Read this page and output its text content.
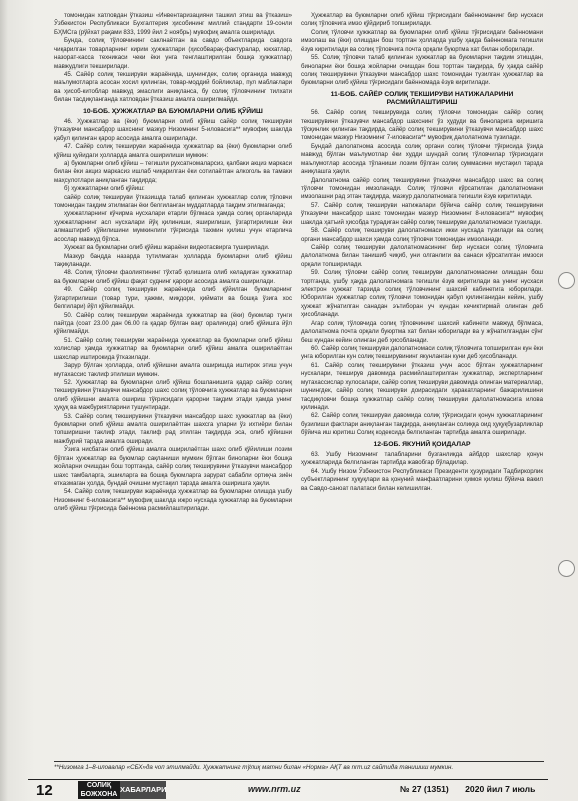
томонидан хатловдан ўтказиш «Инвентаризацияни ташкил этиш ва ўтказиш» Ўзбекистон Республикаси Бухгалтерия ҳисобининг миллий стандарти 19-сонли БҲМСга (рўйхат рақами 833, 1999 йил 2 ноябрь) мувофиқ амалга оширилади.

Бунда, солиқ тўловчининг саклнаётган ва савдо объектларида савдога чиқарилган товарларнинг кирим ҳужжатлари (ҳисобварақ-фактуралар, юкхатлар, назорат-касса техникаси чеки ёки унга тенглаштирилган бошқа ҳужжатлар) мавжудлиги текширилади.

45. Сайёр солиқ текшируви жараёнида, шунингдек, солиқ органида мавжуд маълумотларга асосан хосил қилинган, товар-моддий бойликлар, пул маблағлари ва ҳисоб-китоблар мавжуд эмаслиги аниқланса, бу солиқ тўловчининг тилхати билан тасдиқланганда хатловдан ўтказиш амалга оширилмайди.

10-БОБ. ҲУЖЖАТЛАР ВА БУЮМЛАРНИ ОЛИБ ҚЎЙИШ

46. Ҳужжатлар ва (ёки) буюмларни олиб қўйиш сайёр солиқ текшируви ўтказувчи мансабдор шахснинг мазкур Низомнинг 5-иловасига** мувофиқ шаклда қабул қилинган қарор асосида амалга оширилади.

47. Сайёр солиқ текшируви жараёнида ҳужжатлар ва (ёки) буюмларни олиб қўйиш қуйидаги ҳолларда амалга оширилиши мумкин:

а) буюмларни олиб қўйиш – тегишли рухсатномаларсиз, қалбаки акциз маркаси билан ёки акциз маркасиз ишлаб чиқарилган ёки сотилаётган алкоголь ва тамаки маҳсулотлари аниқланган тақдирда;

б) ҳужжатларни олиб қўйиш:

сайёр солиқ текшируви ўтказишда талаб қилинган ҳужжатлар солиқ тўловчи томонидан тақдим этилмаган ёки белгиланган муддатларда тақдим этилмаганда;

ҳужжатларнинг кўчирма нусхалари етарли бўлмаса ҳамда солиқ органларида ҳужжатларнинг асл нусхалари йўқ қилиниши, яширилиши, ўзгартирилиши ёки алмаштириб қўйилишини мумкинлиги тўғрисида тахмин қилиш учун етарлича асослар мавжуд бўлса.

Хужжат ва буюмларни олиб қўйиш жараёни видеотасвирга туширилади.

Мазкур бандда назарда тутилмаган ҳолларда буюмларни олиб қўйиш тақиқланади.

48. Солиқ тўловчи фаолиятининг тўхтаб қолишига олиб келадиган ҳужжатлар ва буюмларни олиб қўйиш фақат суднинг қарори асосида амалга оширилади.

49. Сайёр солиқ текшируви жараёнида олиб қўйилган буюмларнинг ўзгартирилиши (товар тури, ҳажми, миқдори, қиймати ва бошқа ўзига хос белгилари) йўл қўйилмайди.

50. Сайёр солиқ текшируви жараёнида ҳужжатлар ва (ёки) буюмлар тунги пайтда (соат 23.00 дан 06.00 га қадар бўлган вақт оралиғида) олиб қўйишга йўл қўйилмайди.

51. Сайёр солиқ текшируви жараёнида ҳужжатлар ва буюмларни олиб қўйиш холислар ҳамда ҳужжатлар ва буюмларни олиб қўйиш амалга оширилаётган шахслар иштирокида ўтказилади.

Зарур бўлган ҳолларда, олиб қўйишни амалга оширишда иштирок этиш учун мутахассис таклиф этилиши мумкин.

52. Ҳужжатлар ва буюмларни олиб қўйиш бошланишига қадар сайёр солиқ текширувини ўтказувчи мансабдор шахс солиқ тўловчига ҳужжатлар ва буюмларни олиб қўйишни амалга ошириш тўғрисидаги қарорни тақдим этади ҳамда унинг ҳуқуқ ва мажбуриятларини тушунтиради.

53. Сайёр солиқ текширувини ўтказувчи мансабдор шахс ҳужжатлар ва (ёки) буюмларни олиб қўйиш амалга оширилаётган шахсга уларни ўз ихтиёри билан топширишни таклиф этади, таклиф рад этилган тақдирда эса, олиб қўйишни мажбурий тарзда амалга оширади.

Ўзига нисбатан олиб қўйиш амалга оширилаётган шахс олиб қўйилиши лозим бўлган ҳужжатлар ва буюмлар сақланиши мумкин бўлган биноларни ёки бошқа жойларни очишдан бош тортганда, сайёр солиқ текширувини ўтказувчи мансабдор шахс тамбаларга, эшикларга ва бошқа буюмларга зарурат сабабли ортиқча зиён етказмаган ҳолда, бундай очишни мустақил тарзда амалга оширишга ҳақли.

54. Сайёр солиқ текшируви жараёнида ҳужжатлар ва буюмларни олишда ушбу Низомнинг 6-иловасига** мувофиқ шаклда ижро нусхада ҳужжатлар ва буюмларни олиб қўйиш тўғрисида баённома расмийлаштирилади.

Ҳужжатлар ва буюмларни олиб қўйиш тўғрисидаги баённоманинг бир нусхаси солиқ тўловчига имзо қўйдириб топширилади.

Солиқ тўловчи ҳужжатлар ва буюмларни олиб қўйиш тўғрисидаги баённомани имзолаш ва (ёки) олишдан бош тортган ҳолларда ушбу ҳақда баённомага тегишли ёзув киритилади ва солиқ тўловчига почта орқали буюртма хат билан юборилади.

55. Солиқ тўловчи талаб қилинган ҳужжатлар ва буюмларни тақдим этишдан, биноларни ёки бошқа жойларни очишдан бош тортган тақдирда, бу ҳақда сайёр солиқ текширувини ўтказувчи мансабдор шахс томонидан тузилган ҳужжатлар ва буюмларни олиб қўйиш тўғрисидаги баённомада ёзув киритилади.

11-БОБ. САЙЁР СОЛИҚ ТЕКШИРУВИ НАТИЖАЛАРИНИ РАСМИЙЛАШТИРИШ

56. Сайёр солиқ текширувида солиқ тўловчи томонидан сайёр солиқ текширувини ўтказувчи мансабдор шахснинг ўз ҳудуди ва биноларига киришига тўсқинлик қилинган тақдирда, сайёр солиқ текширувини ўтказувчи мансабдор шахс томонидан мазкур Низомнинг 7-иловасига** мувофиқ далолатнома тузилади.

Бундай далолатнома асосида солиқ органи солиқ тўловчи тўғрисида ўзида мавжуд бўлган маълумотлар ёки худди шундай солиқ тўловчилар тўғрисидаги маълумотлар асосида тўланиши лозим бўлган солиқ суммасини мустақил тарзда аниқлашга ҳақли.

Далолатнома сайёр солиқ текширувини ўтказувчи мансабдор шахс ва солиқ тўловчи томонидан имзоланади. Солиқ тўловчи кўрсатилган далолатномани имзолашни рад этган тақдирда, мазкур далолатномага тегишли ёзув киритилади.

57. Сайёр солиқ текшируви натижалари бўйича сайёр солиқ текширувини ўтказувчи мансабдор шахс томонидан мазкур Низомнинг 8-иловасига** мувофиқ шаклда ҳатъий ҳисобда турадиган сайёр солиқ текшируви далолатномаси тузилади.

58. Сайёр солиқ текшируви далолатномаси икки нусхада тузилади ва солиқ органи мансабдор шахси ҳамда солиқ тўловчи томонидан имзоланади.

Сайёр солиқ текшируви далолатномасининг бир нусхаси солиқ тўловчига далолатнома билан танишиб чиқиб, уни олганлиги ва санаси кўрсатилган имзоси орқали топширилади.

59. Солиқ тўловчи сайёр солиқ текшируви далолатномасини олишдан бош тортганда, ушбу ҳақда далолатномага тегишли ёзув киритилади ва унинг нусхаси электрон ҳужжат тарзида солиқ тўловчининг шахсий кабинетига юборилади. Юборилган ҳужжатлар солиқ тўловчи томонидан қабул қилинганидан кейин, ушбу ҳужжат жўнатилган санадан эътиборан уч кундан кечиктирмай олинган деб ҳисобланади.

Агар солиқ тўловчида солиқ тўловчининг шахсий кабинети мавжуд бўлмаса, далолатнома почта орқали буюртма хат билан юборилади ва у жўнатилгандан сўнг беш кундан кейин олинган деб ҳисобланади.

60. Сайёр солиқ текшируви далолатномаси солиқ тўловчига топширилган кун ёки унга юборилган кун солиқ текширувининг якунланган куни деб ҳисобланади.

61. Сайёр солиқ текширувини ўтказиш учун асос бўлган ҳужжатларнинг нусхалари, текширув давомида расмийлаштирилган ҳужжатлар, экспертларнинг мутахассислар хулосалари, сайёр солиқ текшируви давомида олинган материаллар, шунингдек, сайёр солиқ текшируви доирасидаги ҳаракатларнинг бажарилишини тасдиқловчи бошқа ҳужжатлар сайёр солиқ текшируви далолатномасига илова қилинади.

62. Сайёр солиқ текшируви давомида солиқ тўғрисидаги қонун ҳужжатларининг бузилиши фактлари аниқланган тақдирда, аниқланган солиққа оид ҳуқуқбузарликлар бўйича иш юритиш Солиқ кодексида белгиланган тартибда амалга оширилади.

12-БОБ. ЯКУНИЙ ҚОИДАЛАР

63. Ушбу Низомнинг талабларини бузганликда айбдор шахслар қонун ҳужжатларида белгиланган тартибда жавобгар бўладилар.

64. Ушбу Низом Ўзбекистон Республикаси Президенти ҳузуридаги Тадбиркорлик субъектларининг ҳуқуқлари ва қонуний манфаатларини ҳимоя қилиш бўйича вакил ва Савдо-саноат палатаси билан келишилган.

**Низомга 1–8-иловалар «СБХ»да чоп этилмайди. Ҳужжатнинг тўлиқ матни билан «Норма» АҚТ ва nrm.uz сайтида танишиш мумкин.
12	СОЛИҚ
БОЖХОНА
ХАБАРЛАРИ	www.nrm.uz	№ 27 (1351) 2020 йил 7 июль
